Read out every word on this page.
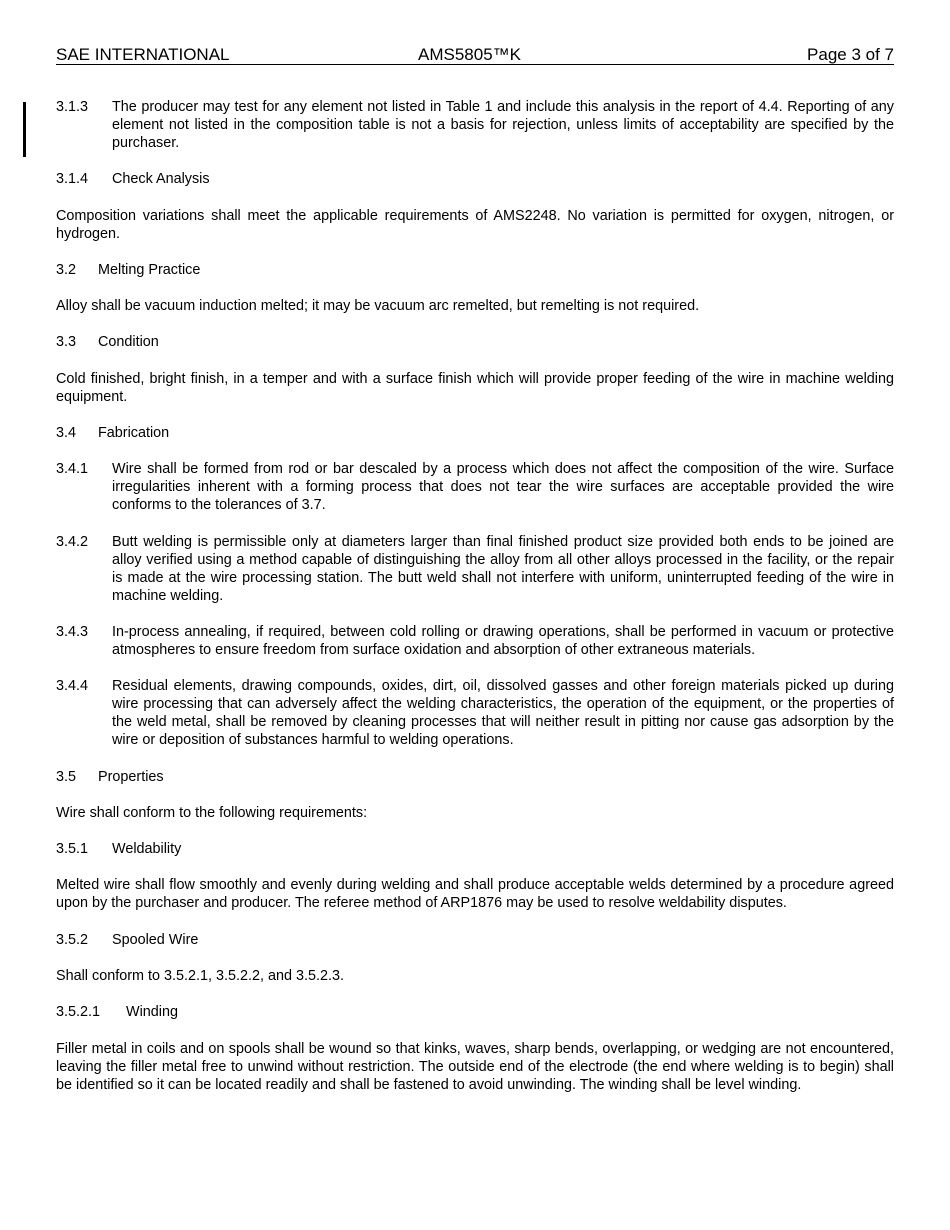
SAE INTERNATIONAL	AMS5805™K	Page 3 of 7
3.1.3	The producer may test for any element not listed in Table 1 and include this analysis in the report of 4.4. Reporting of any element not listed in the composition table is not a basis for rejection, unless limits of acceptability are specified by the purchaser.
3.1.4	Check Analysis

Composition variations shall meet the applicable requirements of AMS2248. No variation is permitted for oxygen, nitrogen, or hydrogen.

3.2	Melting Practice

Alloy shall be vacuum induction melted; it may be vacuum arc remelted, but remelting is not required.

3.3	Condition

Cold finished, bright finish, in a temper and with a surface finish which will provide proper feeding of the wire in machine welding equipment.

3.4	Fabrication
3.4.1	Wire shall be formed from rod or bar descaled by a process which does not affect the composition of the wire. Surface irregularities inherent with a forming process that does not tear the wire surfaces are acceptable provided the wire conforms to the tolerances of 3.7.
3.4.2	Butt welding is permissible only at diameters larger than final finished product size provided both ends to be joined are alloy verified using a method capable of distinguishing the alloy from all other alloys processed in the facility, or the repair is made at the wire processing station. The butt weld shall not interfere with uniform, uninterrupted feeding of the wire in machine welding.
3.4.3	In-process annealing, if required, between cold rolling or drawing operations, shall be performed in vacuum or protective atmospheres to ensure freedom from surface oxidation and absorption of other extraneous materials.
3.4.4	Residual elements, drawing compounds, oxides, dirt, oil, dissolved gasses and other foreign materials picked up during wire processing that can adversely affect the welding characteristics, the operation of the equipment, or the properties of the weld metal, shall be removed by cleaning processes that will neither result in pitting nor cause gas adsorption by the wire or deposition of substances harmful to welding operations.
3.5	Properties

Wire shall conform to the following requirements:

3.5.1	Weldability

Melted wire shall flow smoothly and evenly during welding and shall produce acceptable welds determined by a procedure agreed upon by the purchaser and producer. The referee method of ARP1876 may be used to resolve weldability disputes.

3.5.2	Spooled Wire

Shall conform to 3.5.2.1, 3.5.2.2, and 3.5.2.3.

3.5.2.1	Winding

Filler metal in coils and on spools shall be wound so that kinks, waves, sharp bends, overlapping, or wedging are not encountered, leaving the filler metal free to unwind without restriction. The outside end of the electrode (the end where welding is to begin) shall be identified so it can be located readily and shall be fastened to avoid unwinding. The winding shall be level winding.
